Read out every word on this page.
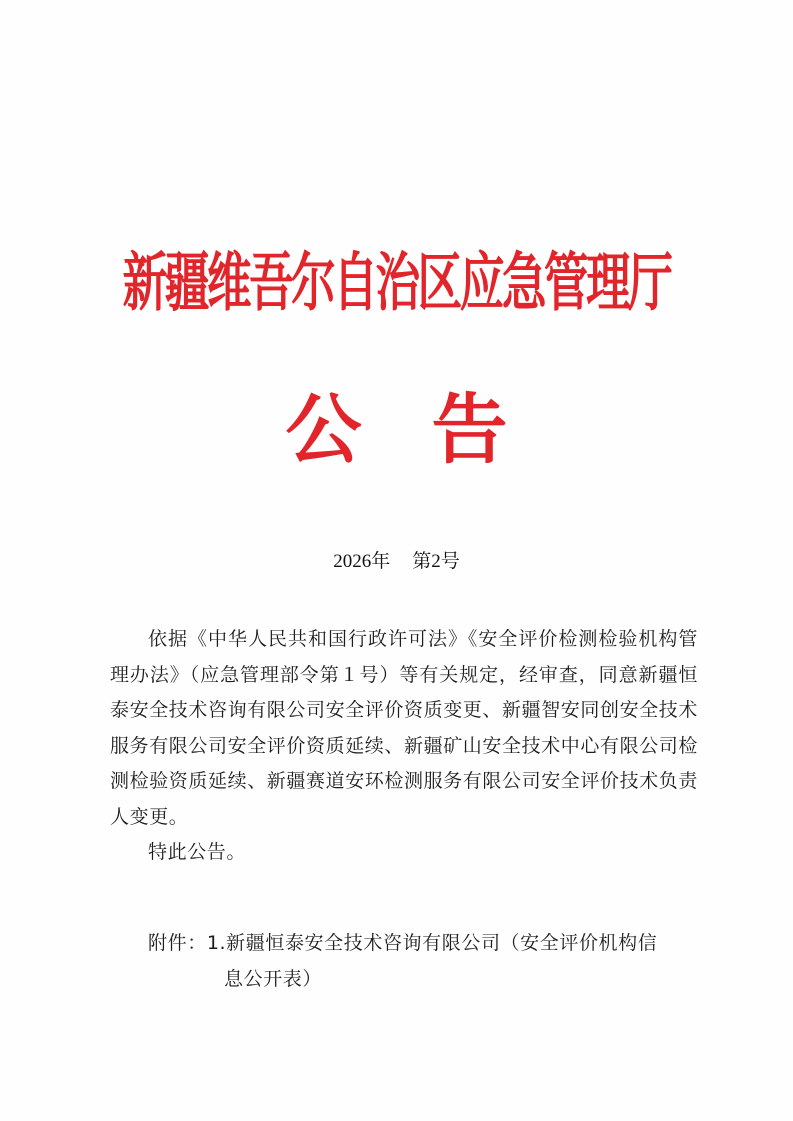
新疆维吾尔自治区应急管理厅
公 告
2026年 第2号

依据《中华人民共和国行政许可法》《安全评价检测检验机构管理办法》（应急管理部令第１号）等有关规定，经审查，同意新疆恒泰安全技术咨询有限公司安全评价资质变更、新疆智安同创安全技术服务有限公司安全评价资质延续、新疆矿山安全技术中心有限公司检测检验资质延续、新疆赛道安环检测服务有限公司安全评价技术负责人变更。

特此公告。

附件：1.新疆恒泰安全技术咨询有限公司（安全评价机构信
息公开表）
